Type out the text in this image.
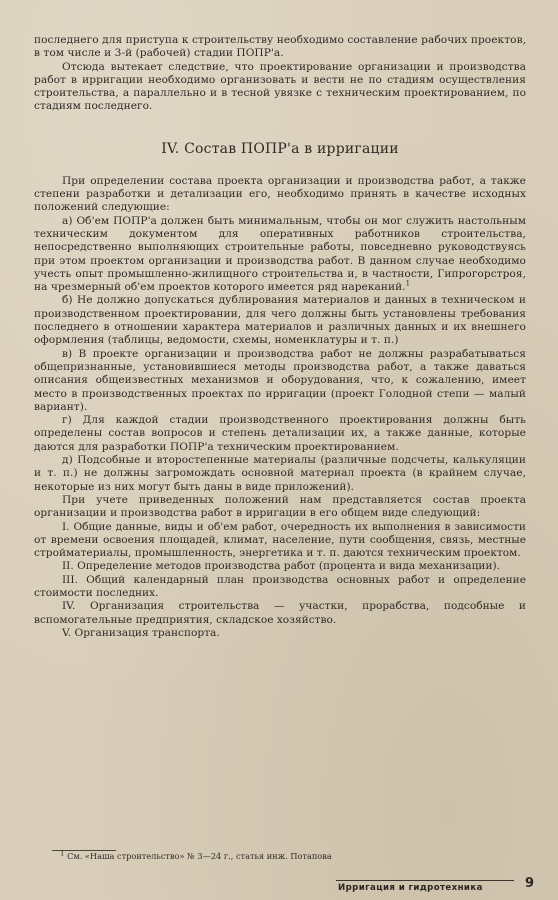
последнего для приступа к строительству необходимо составление рабочих проектов, в том числе и 3-й (рабочей) стадии ПОПР'а.

Отсюда вытекает следствие, что проектирование организации и производства работ в ирригации необходимо организовать и вести не по стадиям осуществления строительства, а параллельно и в тесной увязке с техническим проектированием, по стадиям последнего.

IV. Состав ПОПР'а в ирригации

При определении состава проекта организации и производства работ, а также степени разработки и детализации его, необходимо принять в качестве исходных положений следующие:

а) Об'ем ПОПР'а должен быть минимальным, чтобы он мог служить настольным техническим документом для оперативных работников строительства, непосредственно выполняющих строительные работы, повседневно руководствуясь при этом проектом организации и производства работ. В данном случае необходимо учесть опыт промышленно-жилищного строительства и, в частности, Гипрогорстроя, на чрезмерный об'ем проектов которого имеется ряд нареканий.$^1$

б) Не должно допускаться дублирования материалов и данных в техническом и производственном проектировании, для чего должны быть установлены требования последнего в отношении характера материалов и различных данных и их внешнего оформления (таблицы, ведомости, схемы, номенклатуры и т. п.)

в) В проекте организации и производства работ не должны разрабатываться общепризнанные, установившиеся методы производства работ, а также даваться описания общеизвестных механизмов и оборудования, что, к сожалению, имеет место в производственных проектах по ирригации (проект Голодной степи — малый вариант).

г) Для каждой стадии производственного проектирования должны быть определены состав вопросов и степень детализации их, а также данные, которые даются для разработки ПОПР'а техническим проектированием.

д) Подсобные и второстепенные материалы (различные подсчеты, калькуляции и т. п.) не должны загромождать основной материал проекта (в крайнем случае, некоторые из них могут быть даны в виде приложений).

При учете приведенных положений нам представляется состав проекта организации и производства работ в ирригации в его общем виде следующий:

I. Общие данные, виды и об'ем работ, очередность их выполнения в зависимости от времени освоения площадей, климат, население, пути сообщения, связь, местные стройматериалы, промышленность, энергетика и т. п. даются техническим проектом.

II. Определение методов производства работ (процента и вида механизации).

III. Общий календарный план производства основных работ и определение стоимости последних.

IV. Организация строительства — участки, прорабства, подсобные и вспомогательные предприятия, складское хозяйство.

V. Организация транспорта.

1 См. «Наша строительство» № 3—24 г., статья инж. Потапова
Ирригация и гидротехника	9
